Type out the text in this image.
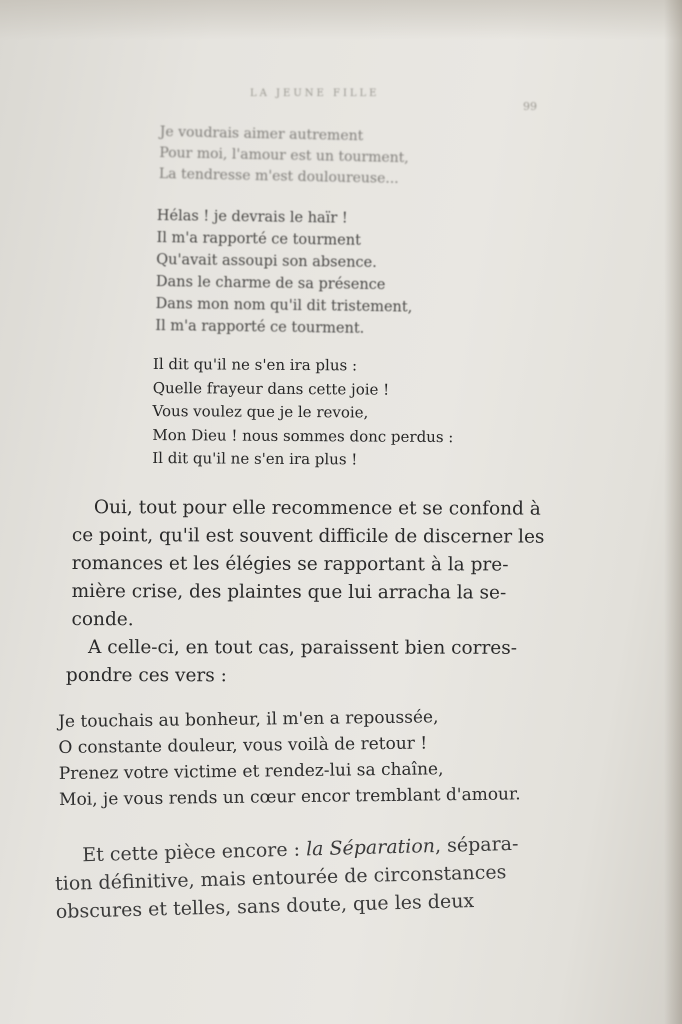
LA JEUNE FILLE
99
Je voudrais aimer autrement
Pour moi, l'amour est un tourment,
La tendresse m'est douloureuse...
Hélas ! je devrais le haïr !
Il m'a rapporté ce tourment
Qu'avait assoupi son absence.
Dans le charme de sa présence
Dans mon nom qu'il dit tristement,
Il m'a rapporté ce tourment.
Il dit qu'il ne s'en ira plus :
Quelle frayeur dans cette joie !
Vous voulez que je le revoie,
Mon Dieu ! nous sommes donc perdus :
Il dit qu'il ne s'en ira plus !
Oui, tout pour elle recommence et se confond à
ce point, qu'il est souvent difficile de discerner les
romances et les élégies se rapportant à la pre-
mière crise, des plaintes que lui arracha la se-
conde.
A celle-ci, en tout cas, paraissent bien corres-
pondre ces vers :
Je touchais au bonheur, il m'en a repoussée,
O constante douleur, vous voilà de retour !
Prenez votre victime et rendez-lui sa chaîne,
Moi, je vous rends un cœur encor tremblant d'amour.
Et cette pièce encore : la Séparation, sépara-
tion définitive, mais entourée de circonstances
obscures et telles, sans doute, que les deux
